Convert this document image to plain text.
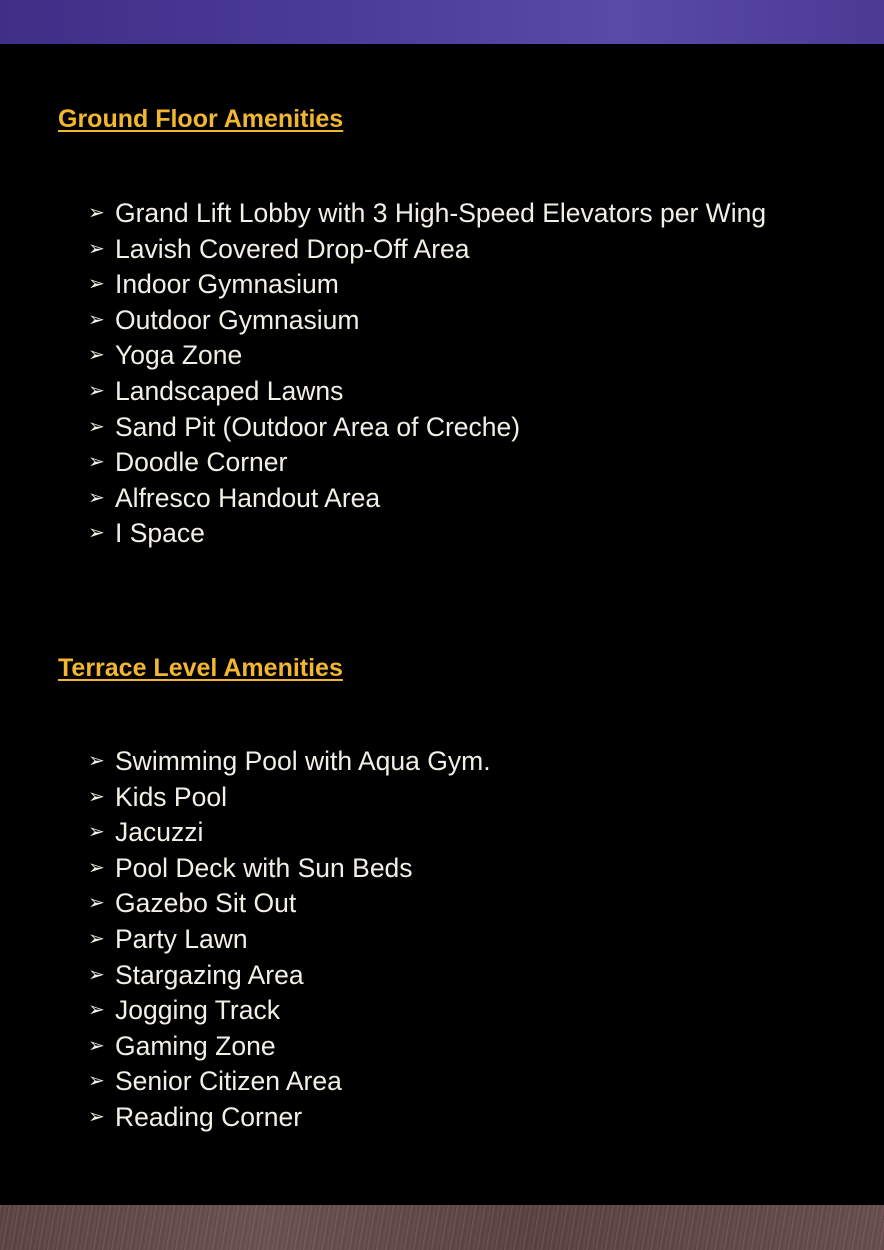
Ground Floor Amenities
➢ Grand Lift Lobby with 3 High-Speed Elevators per Wing
➢ Lavish Covered Drop-Off Area
➢ Indoor Gymnasium
➢ Outdoor Gymnasium
➢ Yoga Zone
➢ Landscaped Lawns
➢ Sand Pit (Outdoor Area of Creche)
➢ Doodle Corner
➢ Alfresco Handout Area
➢ I Space
Terrace Level Amenities
➢ Swimming Pool with Aqua Gym.
➢ Kids Pool
➢ Jacuzzi
➢ Pool Deck with Sun Beds
➢ Gazebo Sit Out
➢ Party Lawn
➢ Stargazing Area
➢ Jogging Track
➢ Gaming Zone
➢ Senior Citizen Area
➢ Reading Corner
